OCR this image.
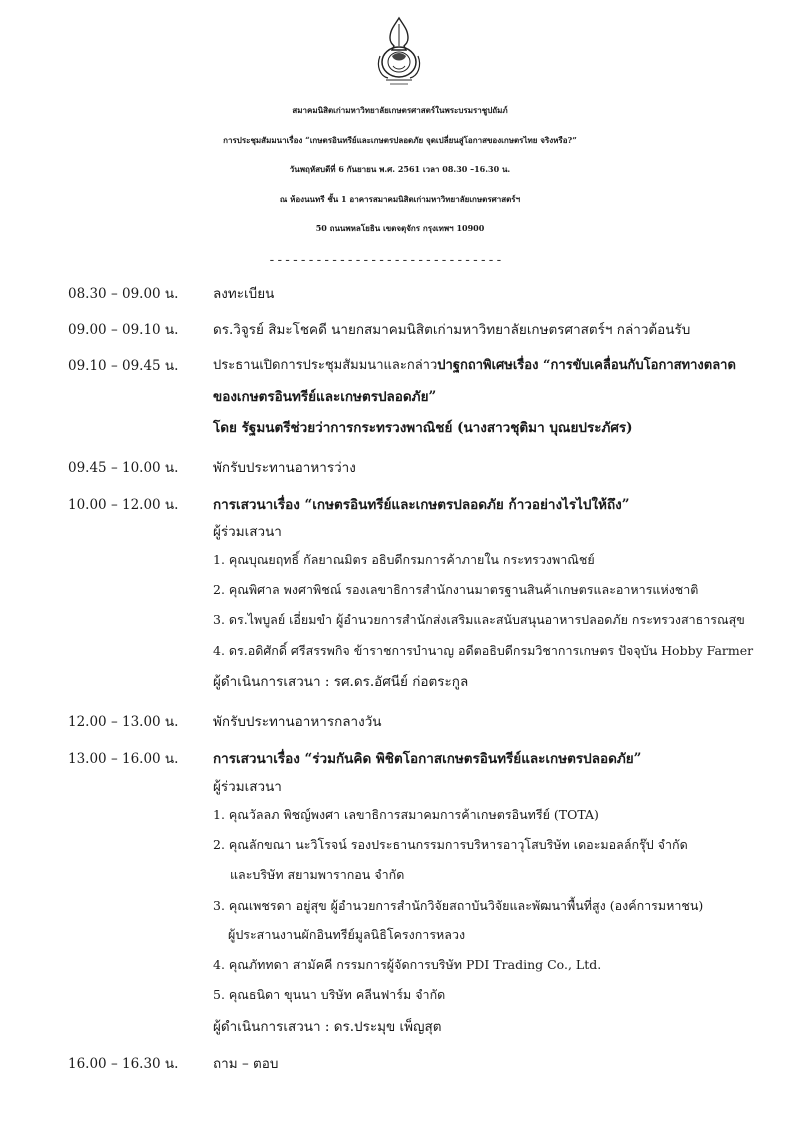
สมาคมนิสิตเก่ามหาวิทยาลัยเกษตรศาสตร์ในพระบรมราชูปถัมภ์
การประชุมสัมมนาเรื่อง “เกษตรอินทรีย์และเกษตรปลอดภัย จุดเปลี่ยนสู่โอกาสของเกษตรไทย จริงหรือ?”
วันพฤหัสบดีที่ 6 กันยายน พ.ศ. 2561 เวลา 08.30 –16.30 น.
ณ ห้องนนทรี ชั้น 1 อาคารสมาคมนิสิตเก่ามหาวิทยาลัยเกษตรศาสตร์ฯ
50 ถนนพหลโยธิน เขตจตุจักร กรุงเทพฯ 10900
------------------------------
08.30 – 09.00 น.	ลงทะเบียน
09.00 – 09.10 น.	ดร.วิจูรย์ สิมะโชคดี นายกสมาคมนิสิตเก่ามหาวิทยาลัยเกษตรศาสตร์ฯ กล่าวต้อนรับ
09.10 – 09.45 น.	ประธานเปิดการประชุมสัมมนาและกล่าวปาฐกถาพิเศษเรื่อง “การขับเคลื่อนกับโอกาสทางตลาด
ของเกษตรอินทรีย์และเกษตรปลอดภัย”
โดย รัฐมนตรีช่วยว่าการกระทรวงพาณิชย์ (นางสาวชุติมา บุณยประภัศร)
09.45 – 10.00 น.	พักรับประทานอาหารว่าง
10.00 – 12.00 น.	การเสวนาเรื่อง “เกษตรอินทรีย์และเกษตรปลอดภัย ก้าวอย่างไรไปให้ถึง”
ผู้ร่วมเสวนา
1. คุณบุณยฤทธิ์ กัลยาณมิตร อธิบดีกรมการค้าภายใน กระทรวงพาณิชย์
2. คุณพิศาล พงศาพิชณ์ รองเลขาธิการสำนักงานมาตรฐานสินค้าเกษตรและอาหารแห่งชาติ
3. ดร.ไพบูลย์ เอี่ยมขำ ผู้อำนวยการสำนักส่งเสริมและสนับสนุนอาหารปลอดภัย กระทรวงสาธารณสุข
4. ดร.อดิศักดิ์ ศรีสรรพกิจ ข้าราชการบำนาญ อดีตอธิบดีกรมวิชาการเกษตร ปัจจุบัน Hobby Farmer
ผู้ดำเนินการเสวนา : รศ.ดร.อัศนีย์ ก่อตระกูล
12.00 – 13.00 น.	พักรับประทานอาหารกลางวัน
13.00 – 16.00 น.	การเสวนาเรื่อง “ร่วมกันคิด พิชิตโอกาสเกษตรอินทรีย์และเกษตรปลอดภัย”
ผู้ร่วมเสวนา
1. คุณวัลลภ พิชญ์พงศา เลขาธิการสมาคมการค้าเกษตรอินทรีย์ (TOTA)
2. คุณลักขณา นะวิโรจน์ รองประธานกรรมการบริหารอาวุโสบริษัท เดอะมอลล์กรุ๊ป จำกัด
และบริษัท สยามพารากอน จำกัด
3. คุณเพชรดา อยู่สุข ผู้อำนวยการสำนักวิจัยสถาบันวิจัยและพัฒนาพื้นที่สูง (องค์การมหาชน)
ผู้ประสานงานผักอินทรีย์มูลนิธิโครงการหลวง
4. คุณภัททดา สามัคคี กรรมการผู้จัดการบริษัท PDI Trading Co., Ltd.
5. คุณธนิดา ขุนนา บริษัท คลีนฟาร์ม จำกัด
ผู้ดำเนินการเสวนา : ดร.ประมุข เพ็ญสุต
16.00 – 16.30 น.	ถาม – ตอบ
